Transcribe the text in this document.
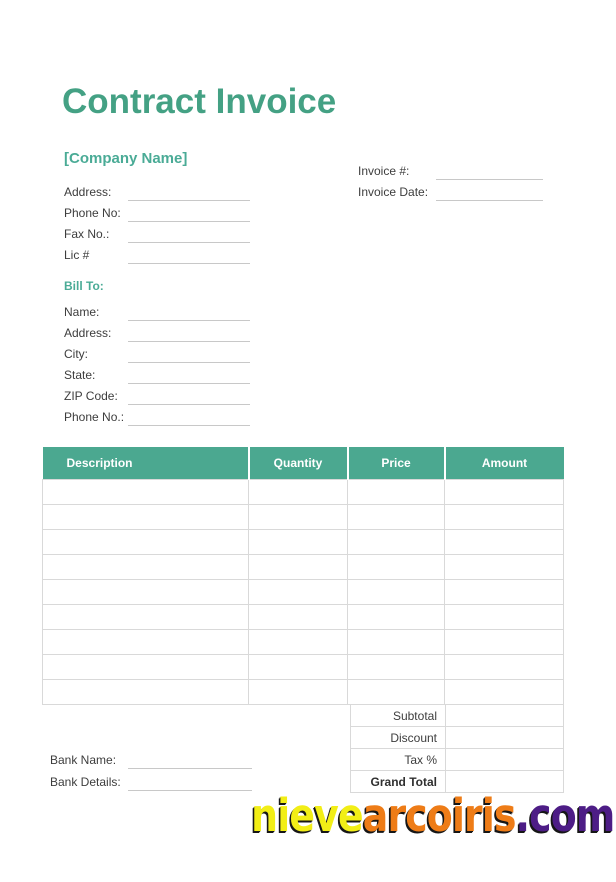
Contract Invoice
[Company Name]
Address:
Phone No:
Fax No.:
Lic #
Invoice #:
Invoice Date:
Bill To:
Name:
Address:
City:
State:
ZIP Code:
Phone No.:
Description	Quantity	Price	Amount

Subtotal	
Discount	
Tax %	
Grand Total	
Bank Name:
Bank Details:
nievearcoiris.com
